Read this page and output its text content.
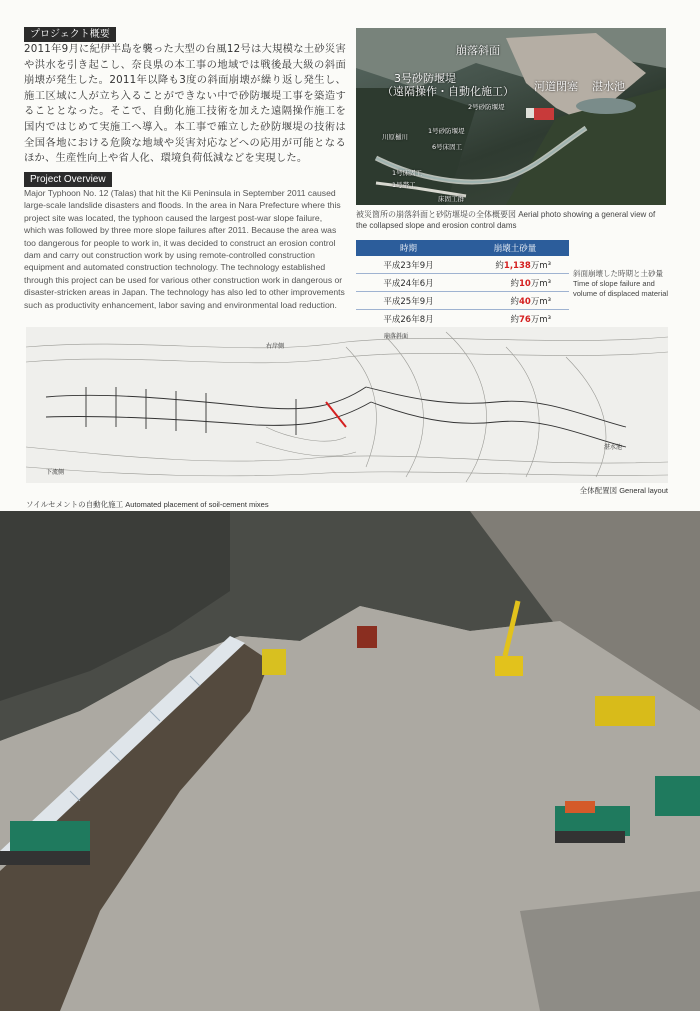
プロジェクト概要

2011年9月に紀伊半島を襲った大型の台風12号は大規模な土砂災害や洪水を引き起こし、奈良県の本工事の地域では戦後最大級の斜面崩壊が発生した。2011年以降も3度の斜面崩壊が繰り返し発生し、施工区域に人が立ち入ることができない中で砂防堰堤工事を築造することとなった。そこで、自動化施工技術を加えた遠隔操作施工を国内ではじめて実施工へ導入。本工事で確立した砂防堰堤の技術は全国各地における危険な地域や災害対応などへの応用が可能となるほか、生産性向上や省人化、環境負荷低減などを実現した。

Project Overview

Major Typhoon No. 12 (Talas) that hit the Kii Peninsula in September 2011 caused large-scale landslide disasters and floods. In the area in Nara Prefecture where this project site was located, the typhoon caused the largest post-war slope failure, which was followed by three more slope failures after 2011. Because the area was too dangerous for people to work in, it was decided to construct an erosion control dam and carry out construction work by using remote-controlled construction equipment and automated construction technology. The technology established through this project can be used for various other construction work in dangerous or disaster-stricken areas in Japan. The technology has also led to other improvements such as productivity enhancement, labor saving and environmental load reduction.

崩落斜面
3号砂防堰堤
（遠隔操作・自動化施工） 河道閉塞 湛水池
2号砂防堰堤
川原樋川
1号砂防堰堤
6号床固工
1号床固工
1号帯工
床固工群

被災箇所の崩落斜面と砂防堰堤の全体概要図 Aerial photo showing a general view of the collapsed slope and erosion control dams

時期	崩壊土砂量
平成23年9月	約1,138万m³
平成24年6月	約10万m³
平成25年9月	約40万m³
平成26年8月	約76万m³
斜面崩壊した時期と土砂量
Time of slope failure and volume of displaced material
右岸側
崩落斜面
下流側
湛水池
全体配置図 General layout
ソイルセメントの自動化施工 Automated placement of soil-cement mixes
